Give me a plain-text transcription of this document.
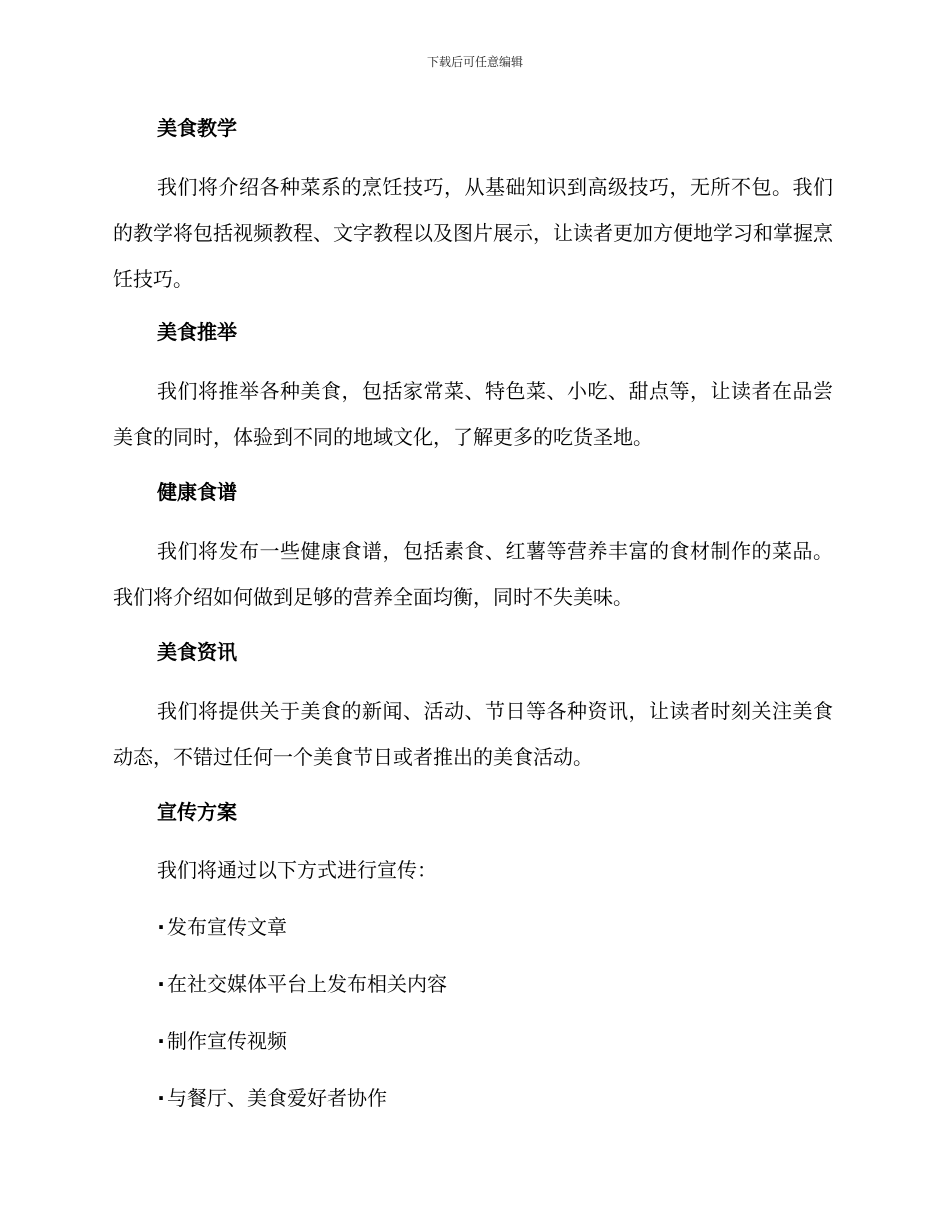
下载后可任意编辑
美食教学
我们将介绍各种菜系的烹饪技巧，从基础知识到高级技巧，无所不包。我们的教学将包括视频教程、文字教程以及图片展示，让读者更加方便地学习和掌握烹饪技巧。
美食推举
我们将推举各种美食，包括家常菜、特色菜、小吃、甜点等，让读者在品尝美食的同时，体验到不同的地域文化，了解更多的吃货圣地。
健康食谱
我们将发布一些健康食谱，包括素食、红薯等营养丰富的食材制作的菜品。我们将介绍如何做到足够的营养全面均衡，同时不失美味。
美食资讯
我们将提供关于美食的新闻、活动、节日等各种资讯，让读者时刻关注美食动态，不错过任何一个美食节日或者推出的美食活动。
宣传方案
我们将通过以下方式进行宣传：
· 发布宣传文章
· 在社交媒体平台上发布相关内容
· 制作宣传视频
· 与餐厅、美食爱好者协作
